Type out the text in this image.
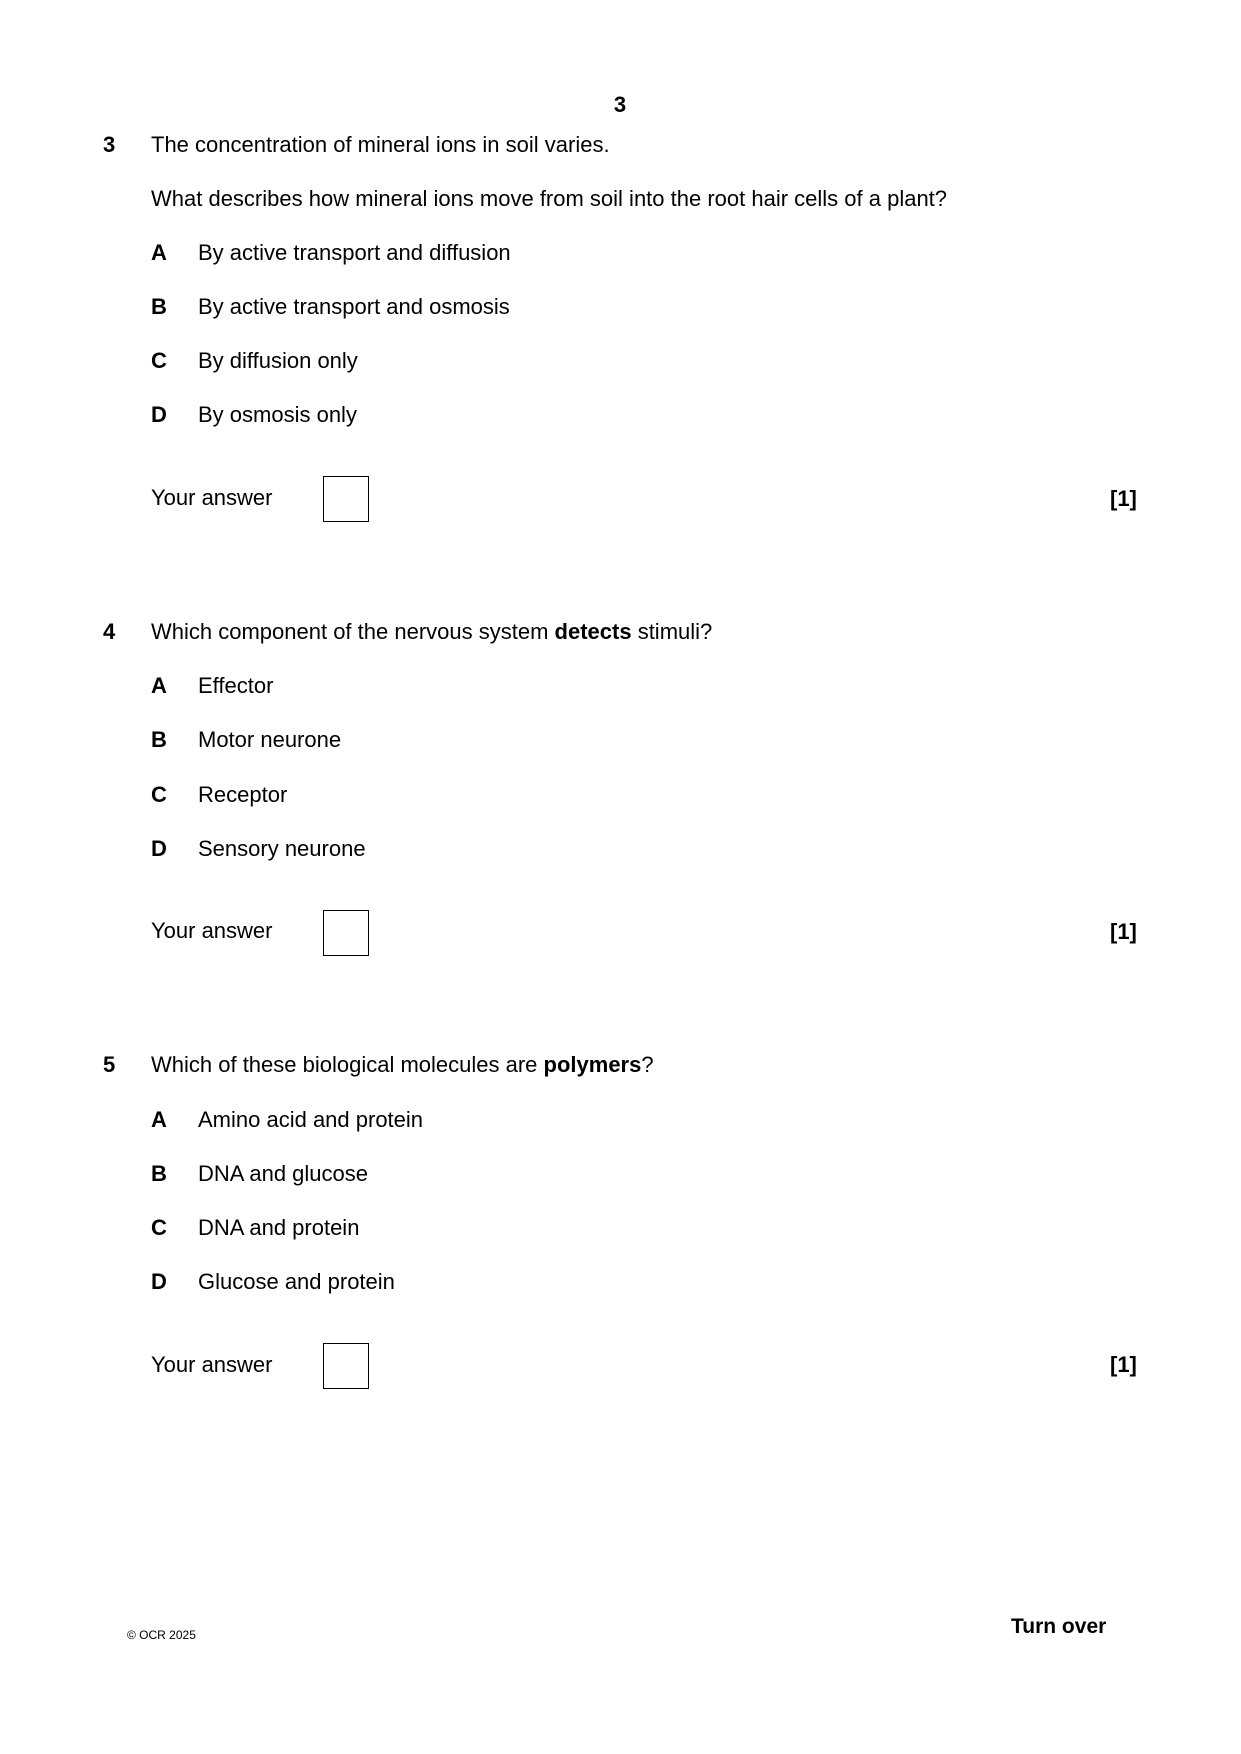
3
3 The concentration of mineral ions in soil varies.
What describes how mineral ions move from soil into the root hair cells of a plant?
A By active transport and diffusion
B By active transport and osmosis
C By diffusion only
D By osmosis only
Your answer	[1]
4 Which component of the nervous system detects stimuli?
A Effector
B Motor neurone
C Receptor
D Sensory neurone
Your answer	[1]
5 Which of these biological molecules are polymers?
A Amino acid and protein
B DNA and glucose
C DNA and protein
D Glucose and protein
Your answer	[1]
© OCR 2025	Turn over
